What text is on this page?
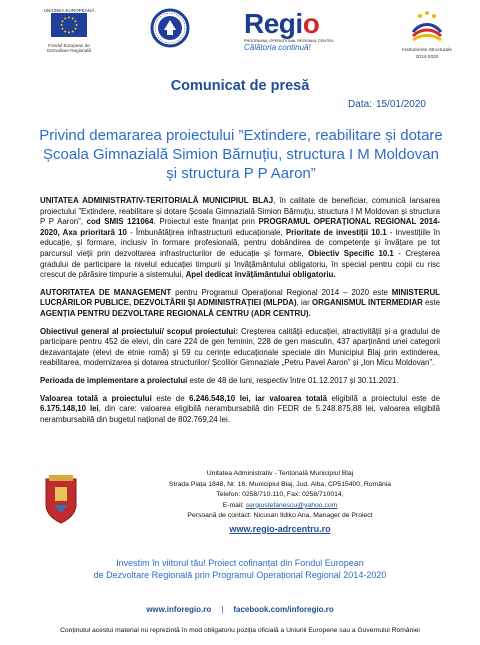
UNIUNEA EUROPEANĂ
Fondul European de
Dezvoltare Regională
Regio
PROGRAMUL OPERAȚIONAL REGIONAL CENTRU
Călătoria continuă!	Instrumente Structurale
2014-2020
Comunicat de presă
Data: 15/01/2020
Privind demararea proiectului ”Extindere, reabilitare și dotare Școala Gimnazială Simion Bărnuțiu, structura I M Moldovan și structura P P Aaron”

UNITATEA ADMINISTRATIV-TERITORIALĂ MUNICIPIUL BLAJ, în calitate de beneficiar, comunică lansarea proiectului ”Extindere, reabilitare și dotare Școala Gimnazială Simion Bărnuțiu, structura I M Moldovan și structura P P Aaron”, cod SMIS 121064. Proiectul este finanțat prin PROGRAMUL OPERAȚIONAL REGIONAL 2014-2020, Axa prioritară 10 - Îmbunătățirea infrastructurii educaționale, Prioritate de investiții 10.1 - Investițiile în educație, și formare, inclusiv în formare profesională, pentru dobândirea de competențe și învățare pe tot parcursul vieții prin dezvoltarea infrastructurilor de educație și formare, Obiectiv Specific 10.1 - Creșterea gradului de participare la nivelul educației timpurii și învățământului obligatoriu, în special pentru copii cu risc crescut de părăsire timpurie a sistemului, Apel dedicat învățământului obligatoriu.

AUTORITATEA DE MANAGEMENT pentru Programul Operațional Regional 2014 – 2020 este MINISTERUL LUCRĂRILOR PUBLICE, DEZVOLTĂRII ȘI ADMINISTRAȚIEI (MLPDA), iar ORGANISMUL INTERMEDIAR este AGENȚIA PENTRU DEZVOLTARE REGIONALĂ CENTRU (ADR CENTRU).

Obiectivul general al proiectului/ scopul proiectului: Creșterea calității educației, atractivității și a gradului de participare pentru 452 de elevi, din care 224 de gen feminin, 228 de gen masculin, 437 aparținând unei categorii dezavantajate (elevi de etnie romă) și 59 cu cerințe educaționale speciale din Municipiul Blaj prin extinderea, reabilitarea, modernizarea și dotarea structurilor/ Școlilor Gimnaziale „Petru Pavel Aaron” și „Ion Micu Moldovan”.

Perioada de implementare a proiectului este de 48 de luni, respectiv între 01.12.2017 și 30.11.2021.

Valoarea totală a proiectului este de 6.246.548,10 lei, iar valoarea totală eligibilă a proiectului este de 6.175.148,10 lei, din care: valoarea eligibilă nerambursabilă din FEDR de 5.248.875,88 lei, valoarea eligibilă nerambursabilă din bugetul național de 802.769,24 lei.

Unitatea Administrativ - Teritorială Municipiul Blaj
Strada Piața 1848, Nr. 16, Municipiul Blaj, Jud. Alba, CP515400, România
Telefon: 0258/710.110, Fax: 0258/710014,
E-mail: sergiustefanescu@yahoo.com
Persoană de contact: Nicusan Ildiko Ana, Manager de Proiect
www.regio-adrcentru.ro
Investim în viitorul tău! Proiect cofinanțat din Fondul European
de Dezvoltare Regională prin Programul Operațional Regional 2014-2020
www.inforegio.ro | facebook.com/inforegio.ro
Conținutul acestui material nu reprezintă în mod obligatoriu poziția oficială a Uniunii Europene sau a Guvernului României
